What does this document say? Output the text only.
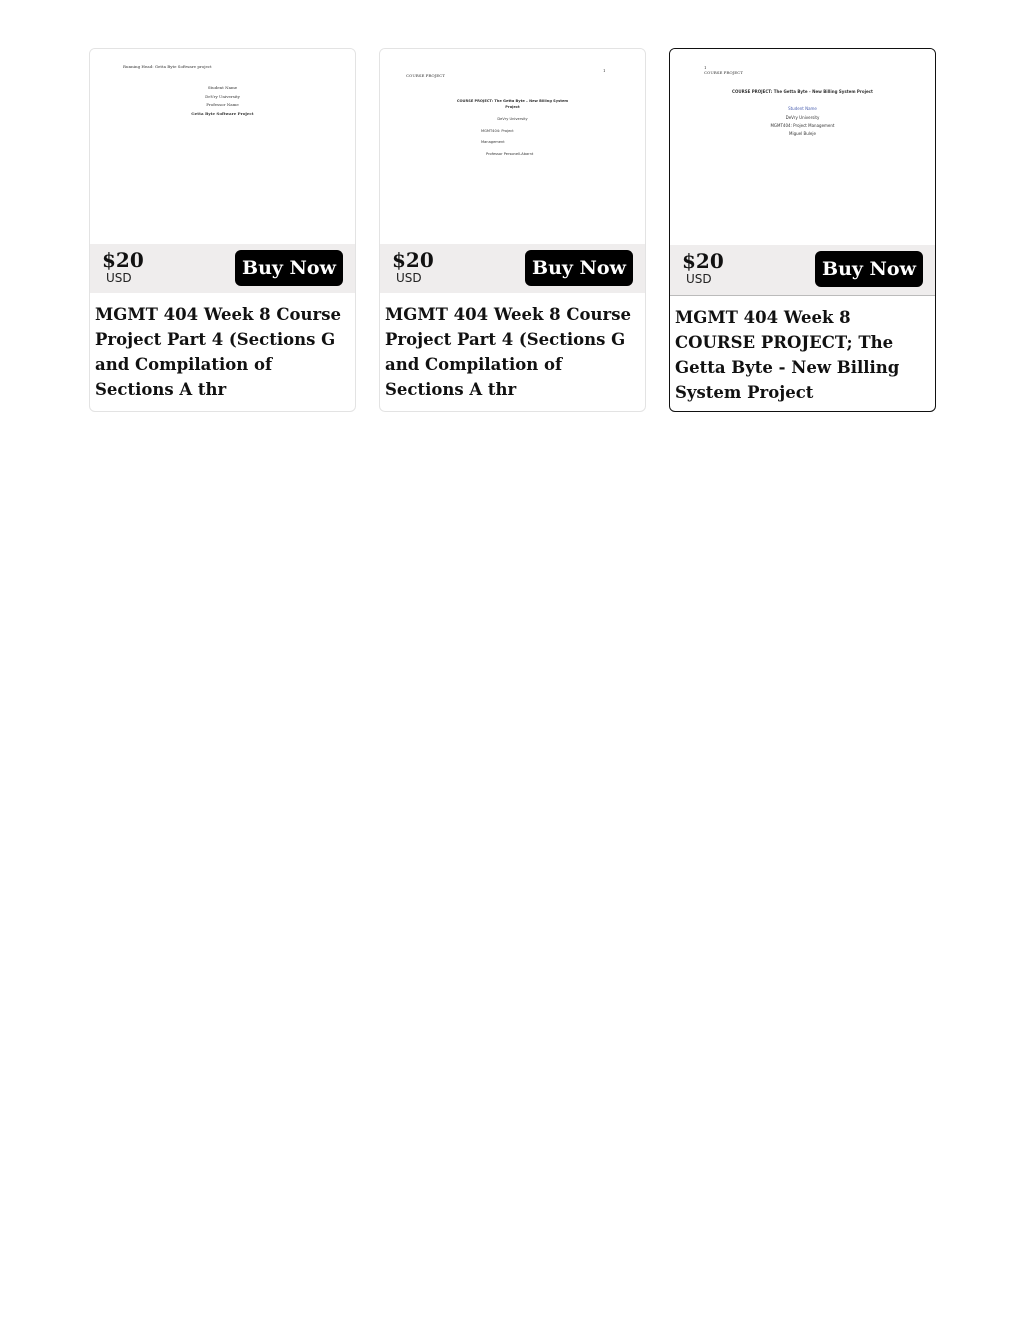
Running Head: Getta Byte Software project
Student Name
DeVry University
Professor Name
Getta Byte Software Project
$20
USD	Buy Now
MGMT 404 Week 8 Course Project Part 4 (Sections G and Compilation of Sections A thr
1
COURSE PROJECT
COURSE PROJECT: The Getta Byte – New Billing System
Project
DeVry University
MGMT404: Project
Management
Professor Personell-Abarnt
$20
USD	Buy Now
MGMT 404 Week 8 Course Project Part 4 (Sections G and Compilation of Sections A thr
1
COURSE PROJECT
COURSE PROJECT: The Getta Byte - New Billing System Project
Student Name
DeVry University
MGMT404: Project Management
Miguel Buleje
$20
USD	Buy Now
MGMT 404 Week 8 COURSE PROJECT; The Getta Byte - New Billing System Project
